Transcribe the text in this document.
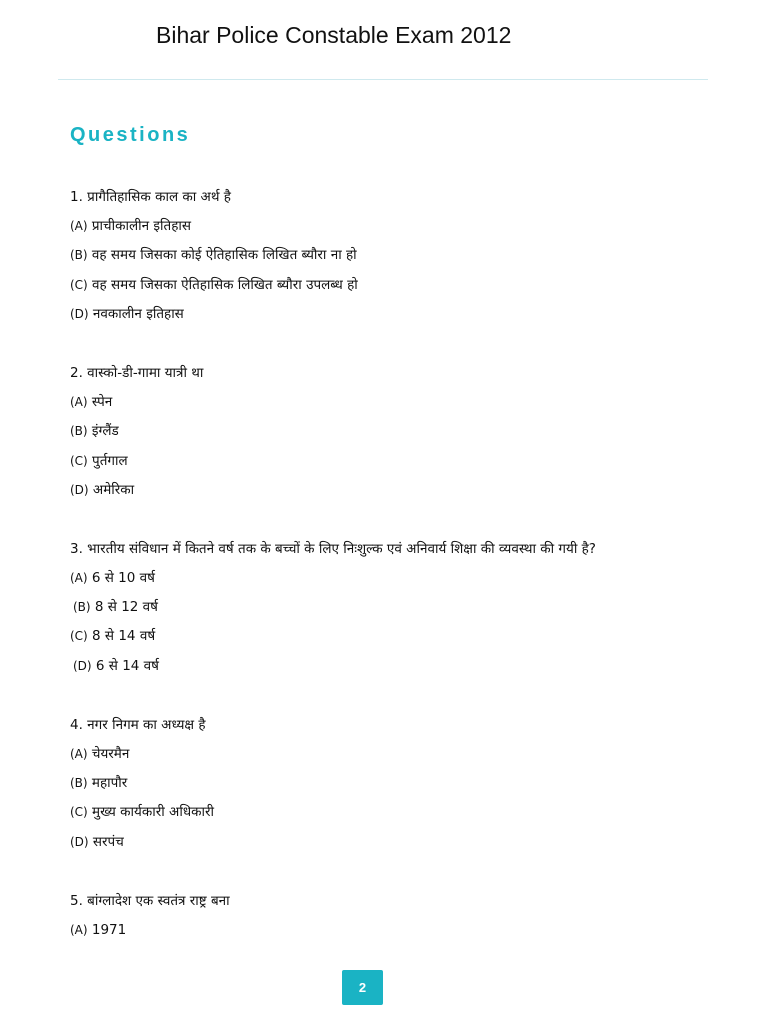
Bihar Police Constable Exam 2012
Questions
1. प्रागैतिहासिक काल का अर्थ है
(A) प्राचीकालीन इतिहास
(B) वह समय जिसका कोई ऐतिहासिक लिखित ब्यौरा ना हो
(C) वह समय जिसका ऐतिहासिक लिखित ब्यौरा उपलब्ध हो
(D) नवकालीन इतिहास
2. वास्को-डी-गामा यात्री था
(A) स्पेन
(B) इंग्लैंड
(C) पुर्तगाल
(D) अमेरिका
3. भारतीय संविधान में कितने वर्ष तक के बच्चों के लिए निःशुल्क एवं अनिवार्य शिक्षा की व्यवस्था की गयी है?
(A) 6 से 10 वर्ष
(B) 8 से 12 वर्ष
(C) 8 से 14 वर्ष
(D) 6 से 14 वर्ष
4. नगर निगम का अध्यक्ष है
(A) चेयरमैन
(B) महापौर
(C) मुख्य कार्यकारी अधिकारी
(D) सरपंच
5. बांग्लादेश एक स्वतंत्र राष्ट्र बना
(A) 1971
2
